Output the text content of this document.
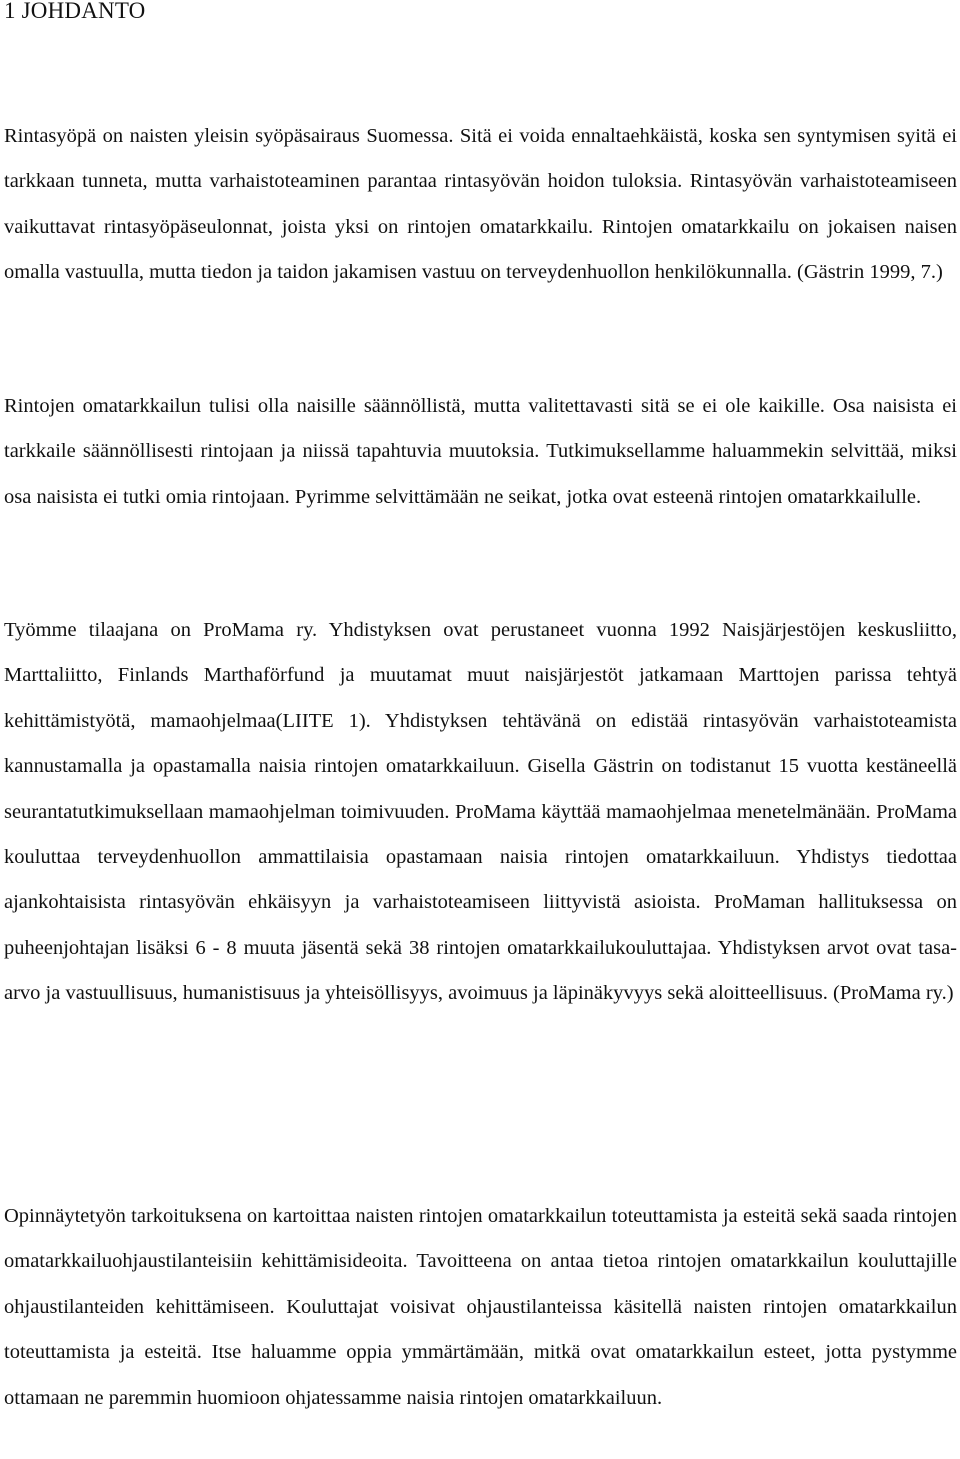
1 JOHDANTO

Rintasyöpä on naisten yleisin syöpäsairaus Suomessa. Sitä ei voida ennaltaehkäistä, koska sen syntymisen syitä ei tarkkaan tunneta, mutta varhaistoteaminen parantaa rintasyövän hoidon tuloksia. Rintasyövän varhaistoteamiseen vaikuttavat rintasyöpäseulonnat, joista yksi on rintojen omatarkkailu. Rintojen omatarkkailu on jokaisen naisen omalla vastuulla, mutta tiedon ja taidon jakamisen vastuu on terveydenhuollon henkilökunnalla. (Gästrin 1999, 7.)

Rintojen omatarkkailun tulisi olla naisille säännöllistä, mutta valitettavasti sitä se ei ole kaikille. Osa naisista ei tarkkaile säännöllisesti rintojaan ja niissä tapahtuvia muutoksia. Tutkimuksellamme haluammekin selvittää, miksi osa naisista ei tutki omia rintojaan. Pyrimme selvittämään ne seikat, jotka ovat esteenä rintojen omatarkkailulle.

Työmme tilaajana on ProMama ry. Yhdistyksen ovat perustaneet vuonna 1992 Naisjärjestöjen keskusliitto, Marttaliitto, Finlands Marthaförfund ja muutamat muut naisjärjestöt jatkamaan Marttojen parissa tehtyä kehittämistyötä, mamaohjelmaa(LIITE 1). Yhdistyksen tehtävänä on edistää rintasyövän varhaistoteamista kannustamalla ja opastamalla naisia rintojen omatarkkailuun. Gisella Gästrin on todistanut 15 vuotta kestäneellä seurantatutkimuksellaan mamaohjelman toimivuuden. ProMama käyttää mamaohjelmaa menetelmänään. ProMama kouluttaa terveydenhuollon ammattilaisia opastamaan naisia rintojen omatarkkailuun. Yhdistys tiedottaa ajankohtaisista rintasyövän ehkäisyyn ja varhaistoteamiseen liittyvistä asioista. ProMaman hallituksessa on puheenjohtajan lisäksi 6 - 8 muuta jäsentä sekä 38 rintojen omatarkkailukouluttajaa. Yhdistyksen arvot ovat tasa-arvo ja vastuullisuus, humanistisuus ja yhteisöllisyys, avoimuus ja läpinäkyvyys sekä aloitteellisuus. (ProMama ry.)

Opinnäytetyön tarkoituksena on kartoittaa naisten rintojen omatarkkailun toteuttamista ja esteitä sekä saada rintojen omatarkkailuohjaustilanteisiin kehittämisideoita. Tavoitteena on antaa tietoa rintojen omatarkkailun kouluttajille ohjaustilanteiden kehittämiseen. Kouluttajat voisivat ohjaustilanteissa käsitellä naisten rintojen omatarkkailun toteuttamista ja esteitä. Itse haluamme oppia ymmärtämään, mitkä ovat omatarkkailun esteet, jotta pystymme ottamaan ne paremmin huomioon ohjatessamme naisia rintojen omatarkkailuun.
